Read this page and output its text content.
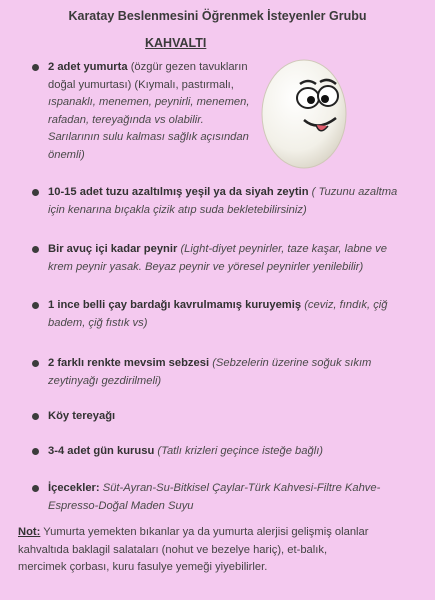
Karatay Beslenmesini Öğrenmek İsteyenler Grubu
KAHVALTI
2 adet yumurta (özgür gezen tavukların
doğal yumurtası) (Kıymalı, pastırmalı,
ıspanaklı, menemen, peynirli, menemen,
rafadan, tereyağında vs olabilir.
Sarılarının sulu kalması sağlık açısından
önemli)
10-15 adet tuzu azaltılmış yeşil ya da siyah zeytin ( Tuzunu azaltma
için kenarına bıçakla çizik atıp suda bekletebilirsiniz)
Bir avuç içi kadar peynir (Light-diyet peynirler, taze kaşar, labne ve
krem peynir yasak. Beyaz peynir ve yöresel peynirler yenilebilir)
1 ince belli çay bardağı kavrulmamış kuruyemiş (ceviz, fındık, çiğ
badem, çiğ fıstık vs)
2 farklı renkte mevsim sebzesi (Sebzelerin üzerine soğuk sıkım
zeytinyağı gezdirilmeli)
Köy tereyağı
3-4 adet gün kurusu (Tatlı krizleri geçince isteğe bağlı)
İçecekler: Süt-Ayran-Su-Bitkisel Çaylar-Türk Kahvesi-Filtre Kahve-
Espresso-Doğal Maden Suyu
Not: Yumurta yemekten bıkanlar ya da yumurta alerjisi gelişmiş olanlar
kahvaltıda baklagil salataları (nohut ve bezelye hariç), et-balık,
mercimek çorbası, kuru fasulye yemeği yiyebilirler.
